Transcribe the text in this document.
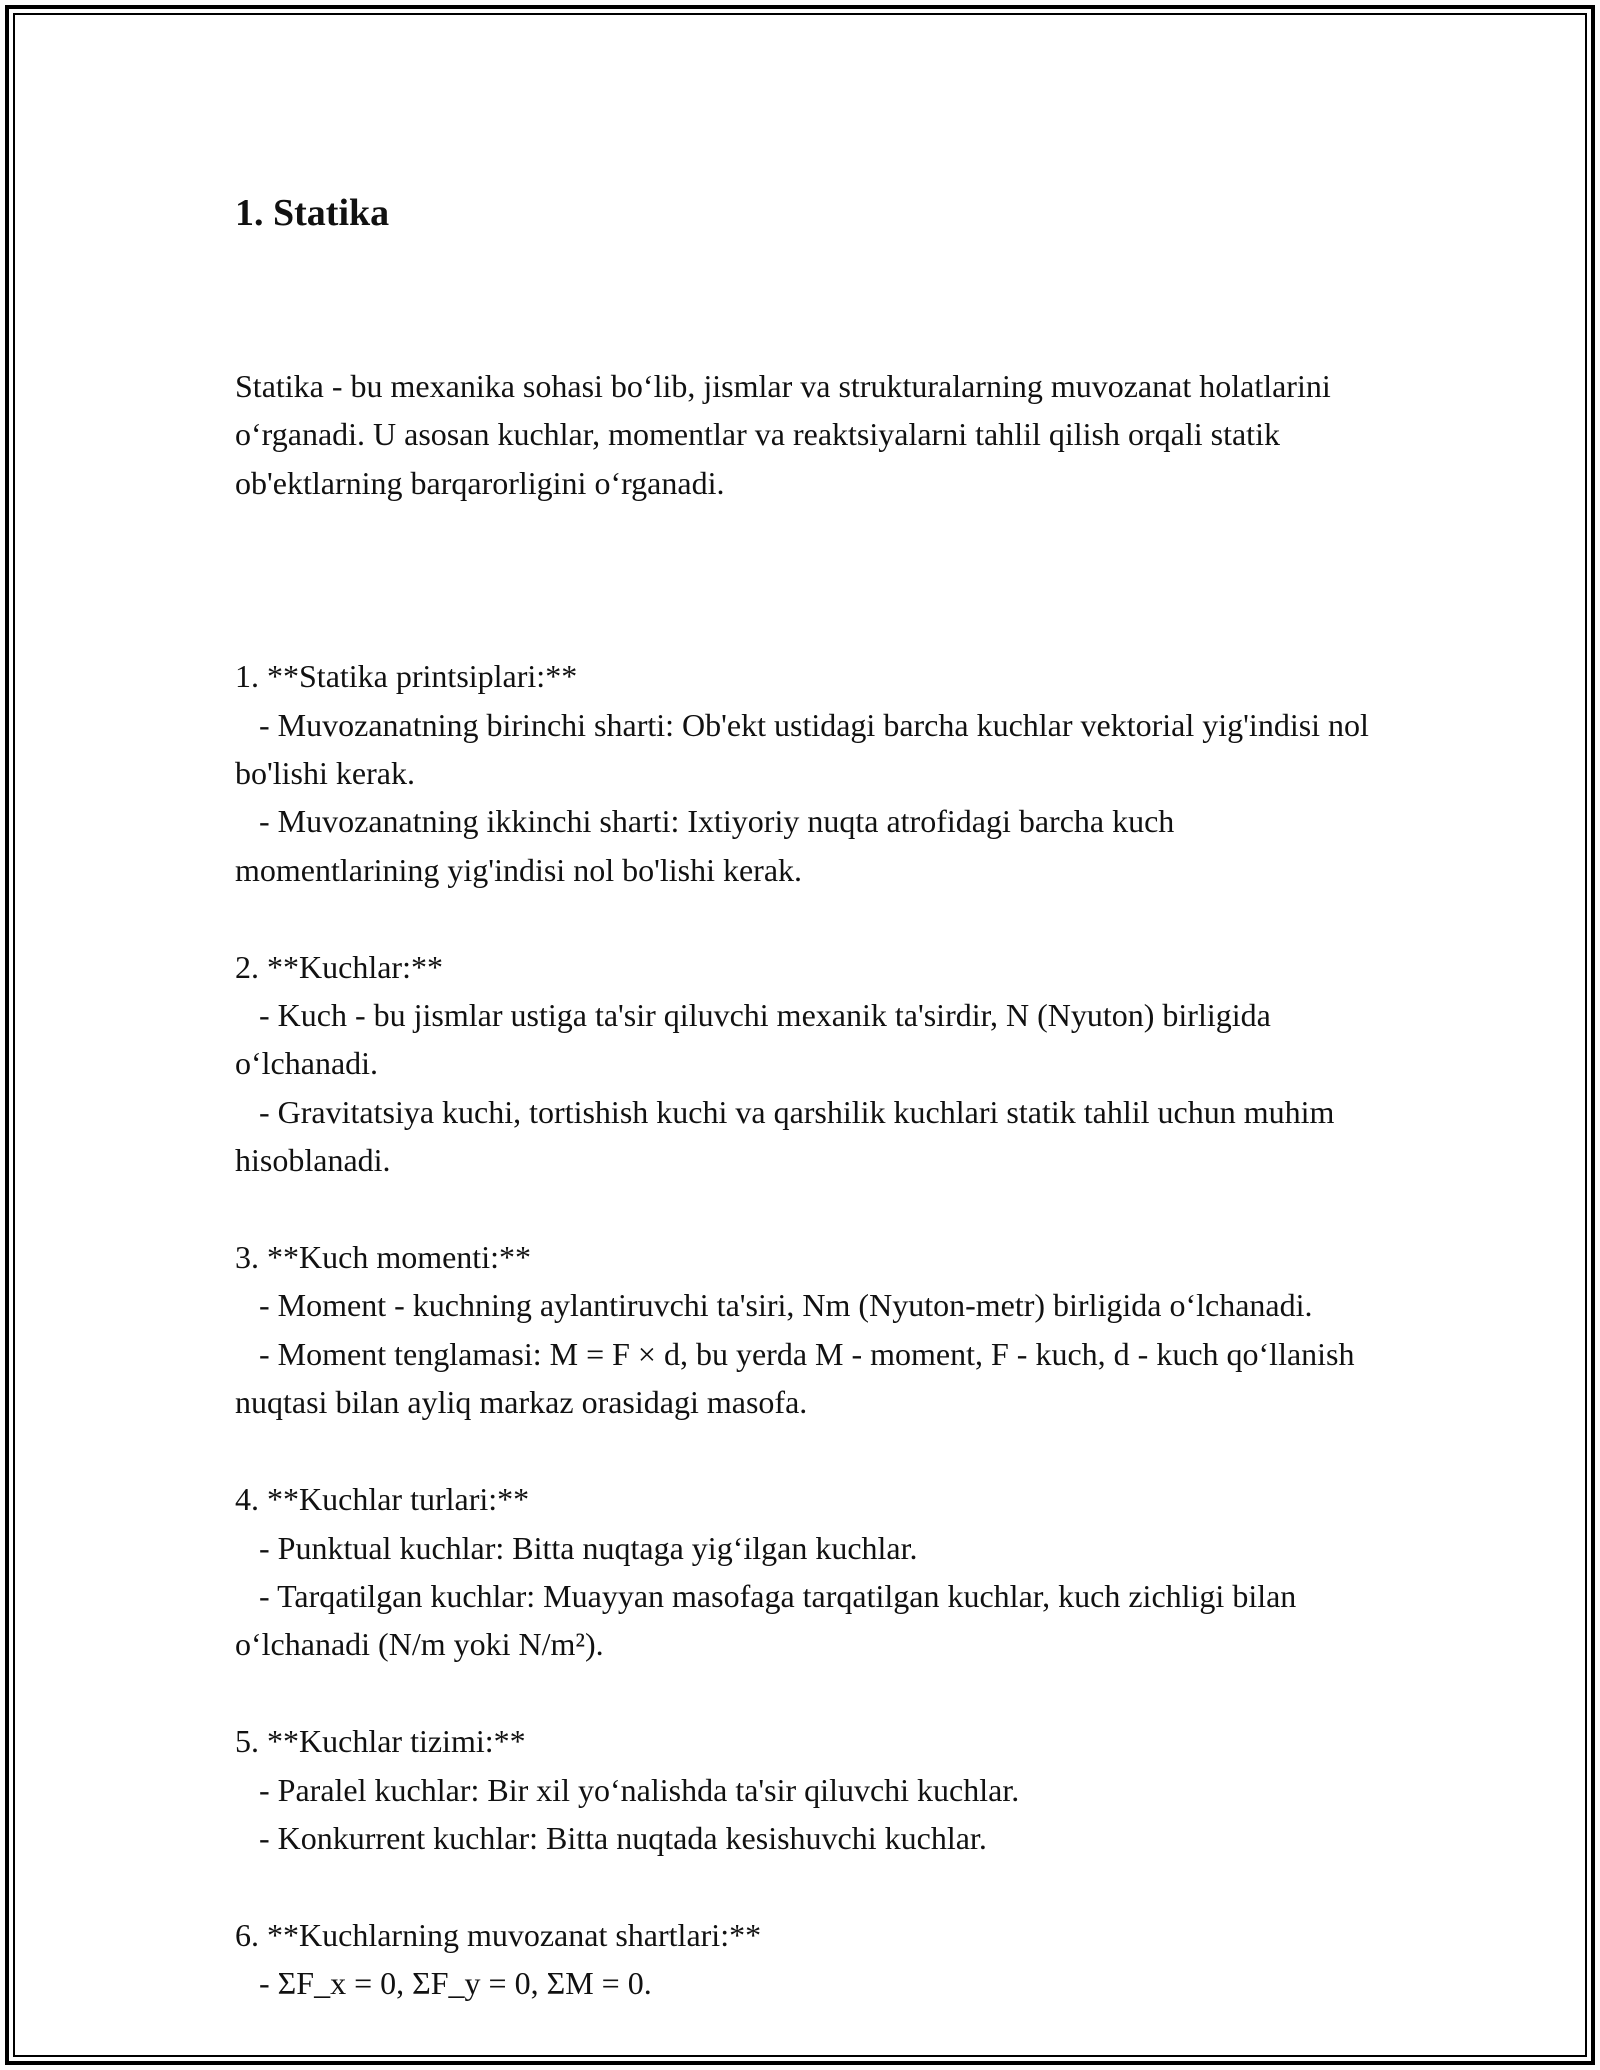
1. Statika

Statika - bu mexanika sohasi bo‘lib, jismlar va strukturalarning muvozanat holatlarini o‘rganadi. U asosan kuchlar, momentlar va reaktsiyalarni tahlil qilish orqali statik ob'ektlarning barqarorligini o‘rganadi.

1. **Statika printsiplari:**
- Muvozanatning birinchi sharti: Ob'ekt ustidagi barcha kuchlar vektorial yig'indisi nol bo'lishi kerak.
- Muvozanatning ikkinchi sharti: Ixtiyoriy nuqta atrofidagi barcha kuch momentlarining yig'indisi nol bo'lishi kerak.
2. **Kuchlar:**
- Kuch - bu jismlar ustiga ta'sir qiluvchi mexanik ta'sirdir, N (Nyuton) birligida o‘lchanadi.
- Gravitatsiya kuchi, tortishish kuchi va qarshilik kuchlari statik tahlil uchun muhim hisoblanadi.
3. **Kuch momenti:**
- Moment - kuchning aylantiruvchi ta'siri, Nm (Nyuton-metr) birligida o‘lchanadi.
- Moment tenglamasi: M = F × d, bu yerda M - moment, F - kuch, d - kuch qo‘llanish nuqtasi bilan ayliq markaz orasidagi masofa.
4. **Kuchlar turlari:**
- Punktual kuchlar: Bitta nuqtaga yig‘ilgan kuchlar.
- Tarqatilgan kuchlar: Muayyan masofaga tarqatilgan kuchlar, kuch zichligi bilan o‘lchanadi (N/m yoki N/m²).
5. **Kuchlar tizimi:**
- Paralel kuchlar: Bir xil yo‘nalishda ta'sir qiluvchi kuchlar.
- Konkurrent kuchlar: Bitta nuqtada kesishuvchi kuchlar.
6. **Kuchlarning muvozanat shartlari:**
- ΣF_x = 0, ΣF_y = 0, ΣM = 0.
